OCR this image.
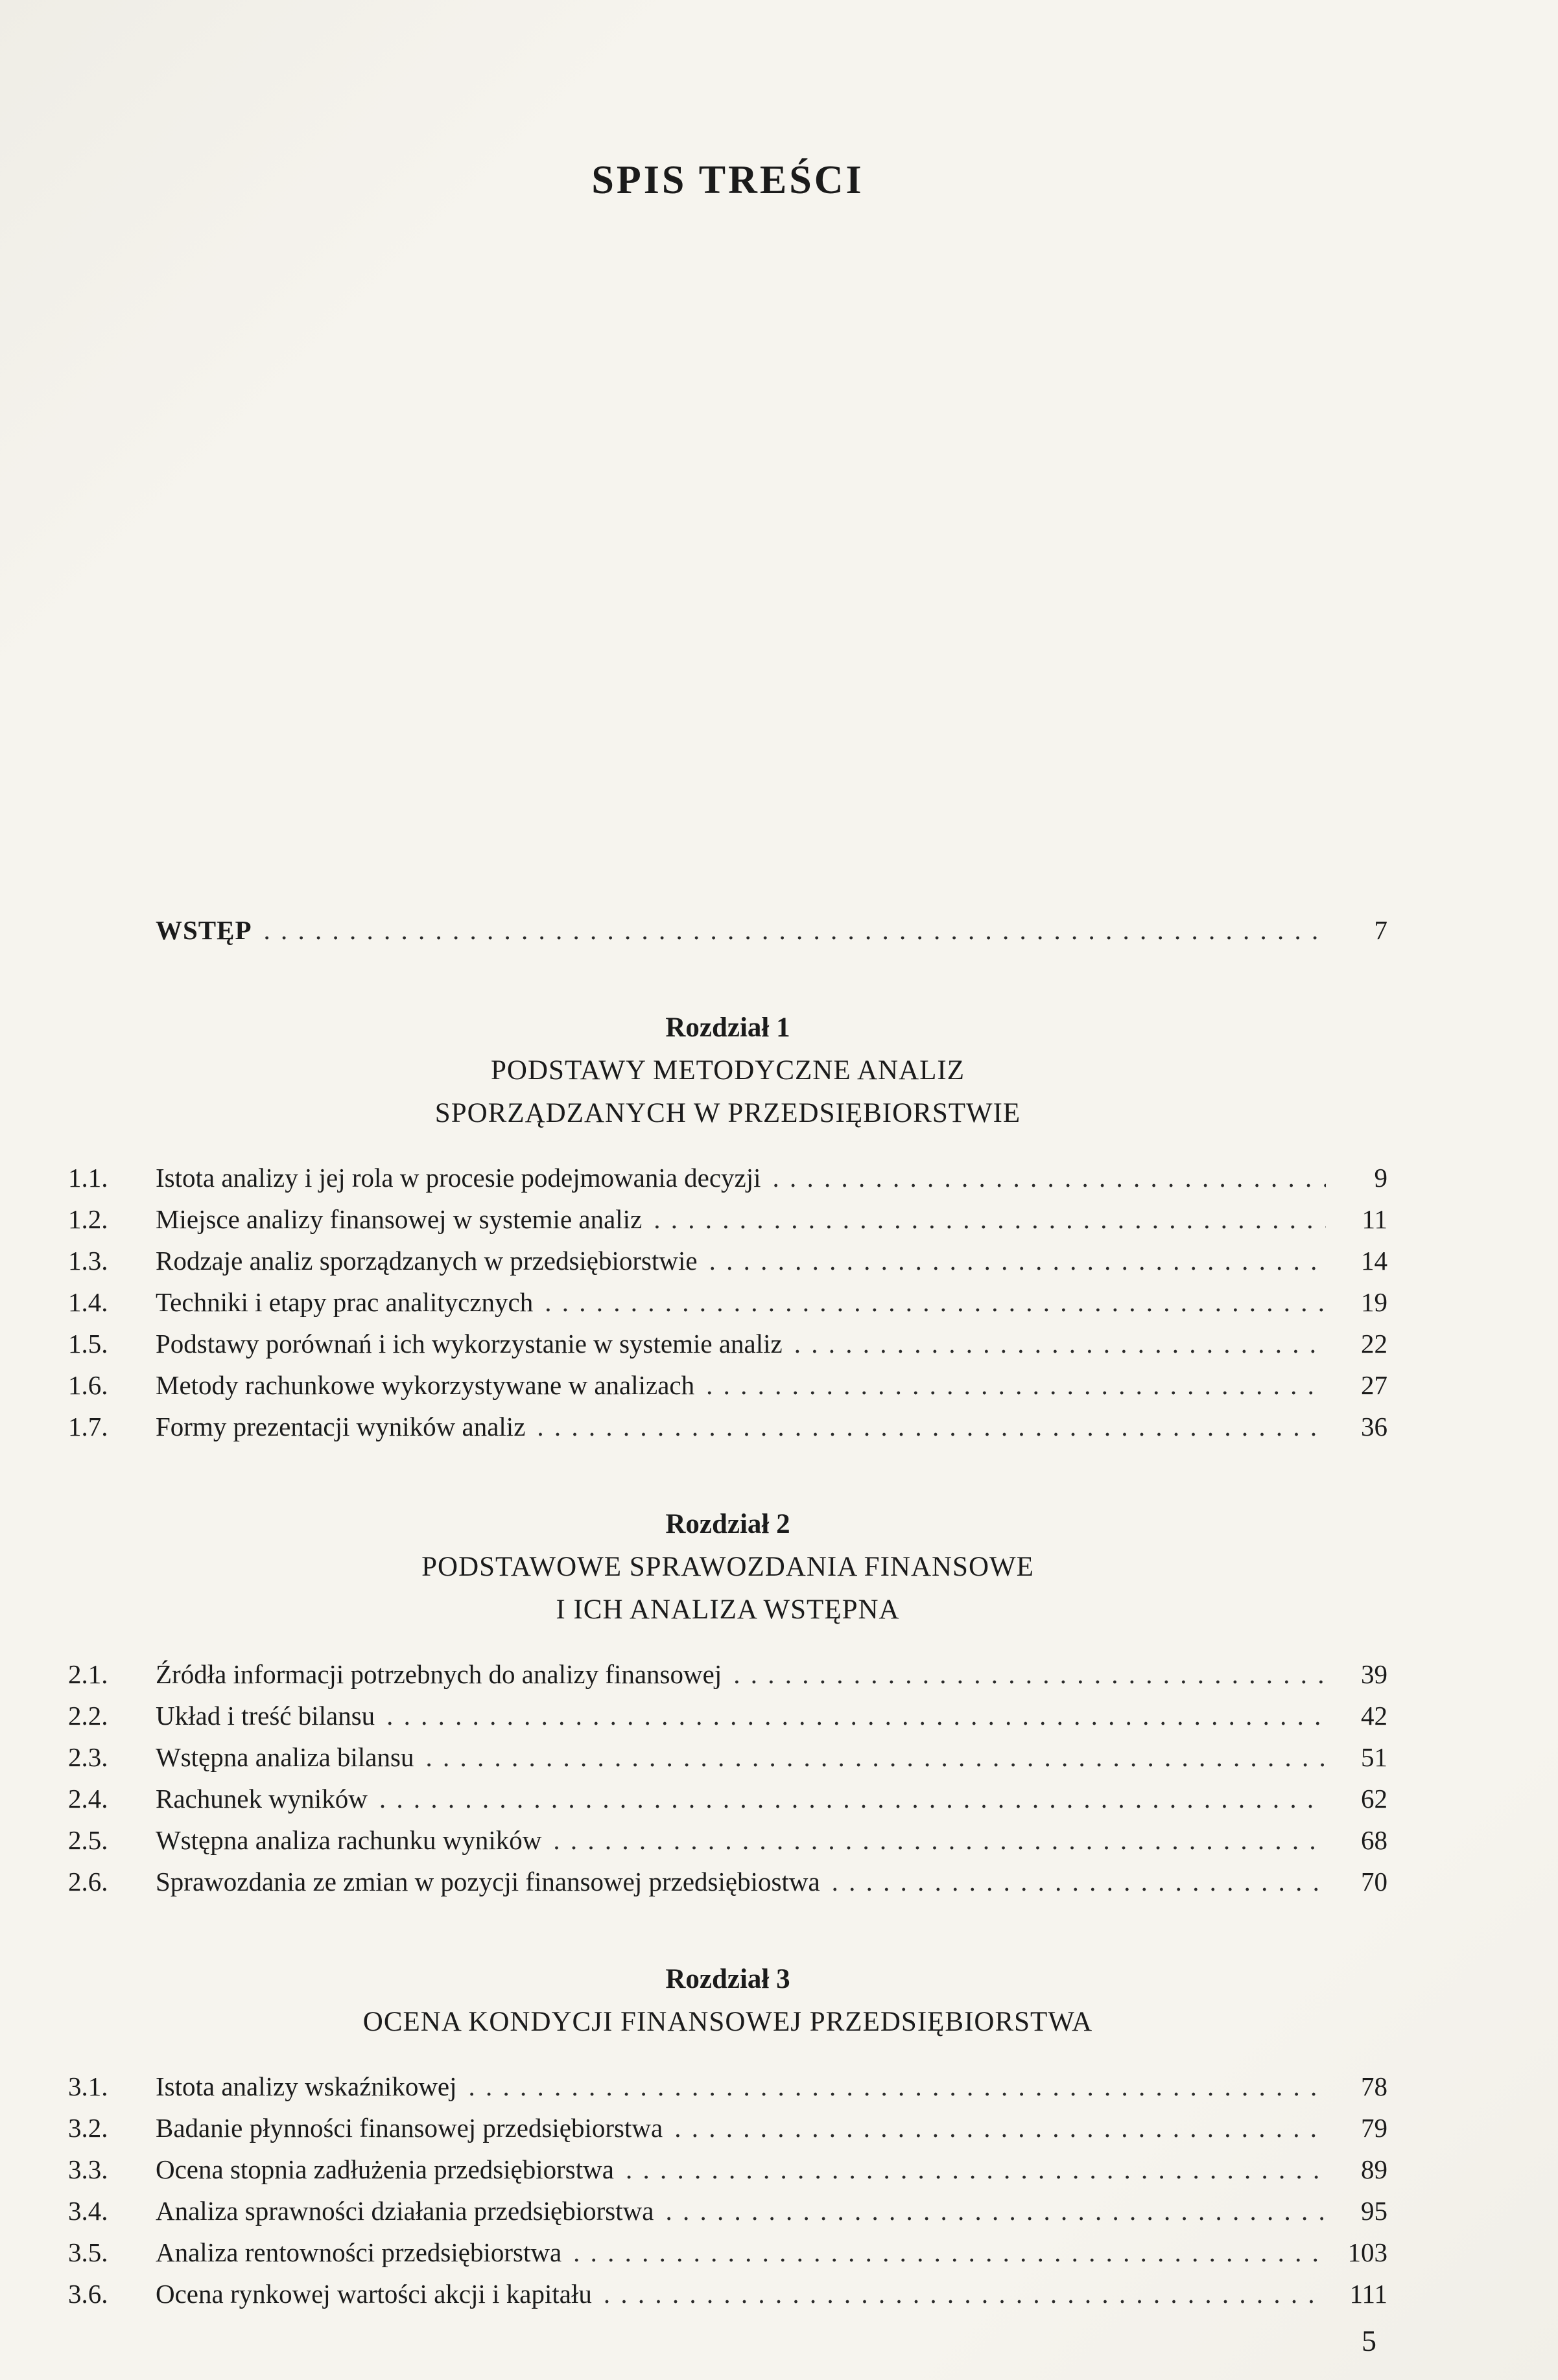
SPIS TREŚCI
WSTĘP . . .	7
Rozdział 1
PODSTAWY METODYCZNE ANALIZ
SPORZĄDZANYCH W PRZEDSIĘBIORSTWIE
1.1.	Istota analizy i jej rola w procesie podejmowania decyzji . . .	9
1.2.	Miejsce analizy finansowej w systemie analiz . . .	11
1.3.	Rodzaje analiz sporządzanych w przedsiębiorstwie . . .	14
1.4.	Techniki i etapy prac analitycznych . . .	19
1.5.	Podstawy porównań i ich wykorzystanie w systemie analiz . . .	22
1.6.	Metody rachunkowe wykorzystywane w analizach . . .	27
1.7.	Formy prezentacji wyników analiz . . .	36
Rozdział 2
PODSTAWOWE SPRAWOZDANIA FINANSOWE
I ICH ANALIZA WSTĘPNA
2.1.	Źródła informacji potrzebnych do analizy finansowej . . .	39
2.2.	Układ i treść bilansu . . .	42
2.3.	Wstępna analiza bilansu . . .	51
2.4.	Rachunek wyników . . .	62
2.5.	Wstępna analiza rachunku wyników . . .	68
2.6.	Sprawozdania ze zmian w pozycji finansowej przedsiębiostwa . . .	70
Rozdział 3
OCENA KONDYCJI FINANSOWEJ PRZEDSIĘBIORSTWA
3.1.	Istota analizy wskaźnikowej . . .	78
3.2.	Badanie płynności finansowej przedsiębiorstwa . . .	79
3.3.	Ocena stopnia zadłużenia przedsiębiorstwa . . .	89
3.4.	Analiza sprawności działania przedsiębiorstwa . . .	95
3.5.	Analiza rentowności przedsiębiorstwa . . .	103
3.6.	Ocena rynkowej wartości akcji i kapitału . . .	111
5
